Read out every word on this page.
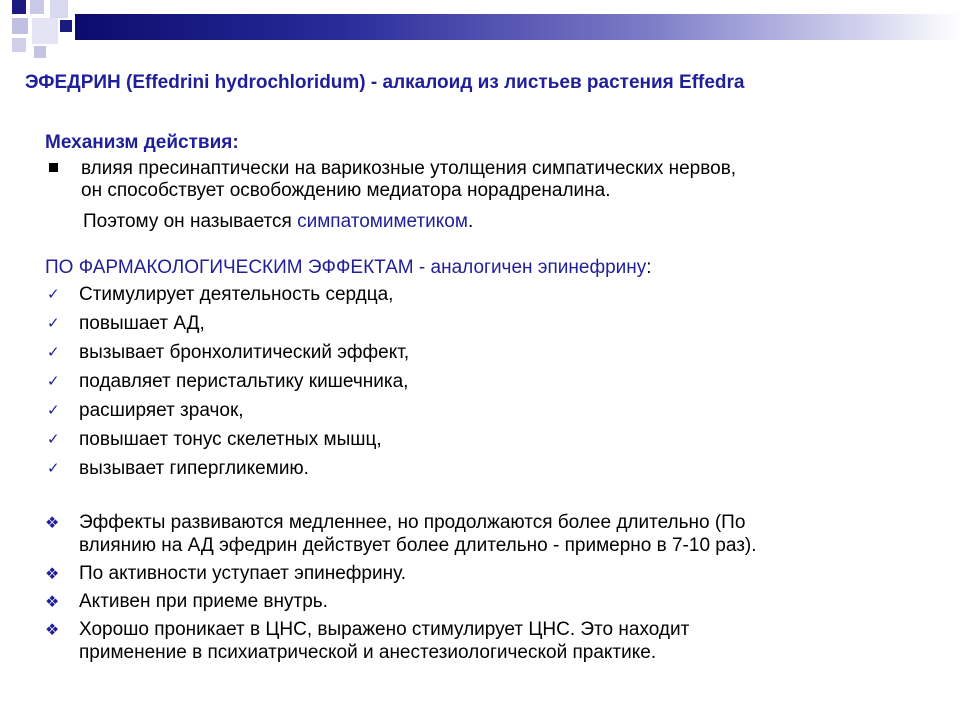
ЭФЕДРИН (Effedrini hydrochloridum) - алкалоид из листьев растения Effedra
Механизм действия:
влияя пресинаптически на варикозные утолщения симпатических нервов,
он способствует освобождению медиатора норадреналина.
Поэтому он называется симпатомиметиком.
ПО ФАРМАКОЛОГИЧЕСКИМ ЭФФЕКТАМ - аналогичен эпинефрину:
✓ Стимулирует деятельность сердца,
✓ повышает АД,
✓ вызывает бронхолитический эффект,
✓ подавляет перистальтику кишечника,
✓ расширяет зрачок,
✓ повышает тонус скелетных мышц,
✓ вызывает гипергликемию.
❖ Эффекты развиваются медленнее, но продолжаются более длительно (По
влиянию на АД эфедрин действует более длительно - примерно в 7-10 раз).
❖ По активности уступает эпинефрину.
❖ Активен при приеме внутрь.
❖ Хорошо проникает в ЦНС, выражено стимулирует ЦНС. Это находит
применение в психиатрической и анестезиологической практике.
